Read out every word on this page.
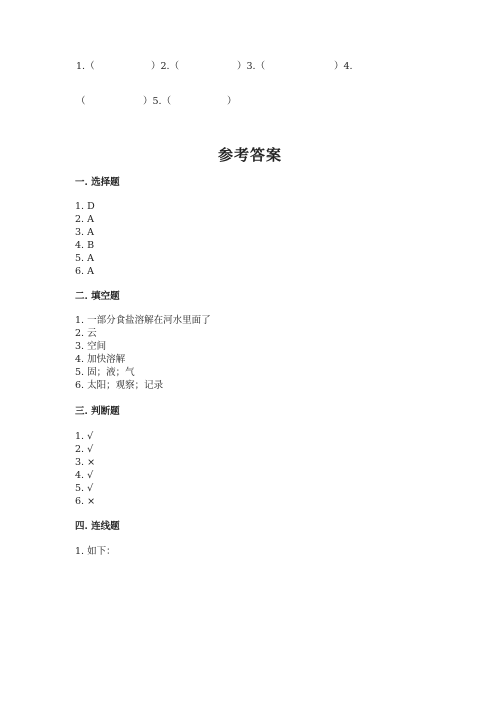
1.（	）2.（	）3.（	）4.
（	）5.（	）
参考答案
一. 选择题
1. D
2. A
3. A
4. B
5. A
6. A
二. 填空题
1. 一部分食盐溶解在河水里面了
2. 云
3. 空间
4. 加快溶解
5. 固；液；气
6. 太阳；观察；记录
三. 判断题
1. √
2. √
3. ×
4. √
5. √
6. ×
四. 连线题
1. 如下：
